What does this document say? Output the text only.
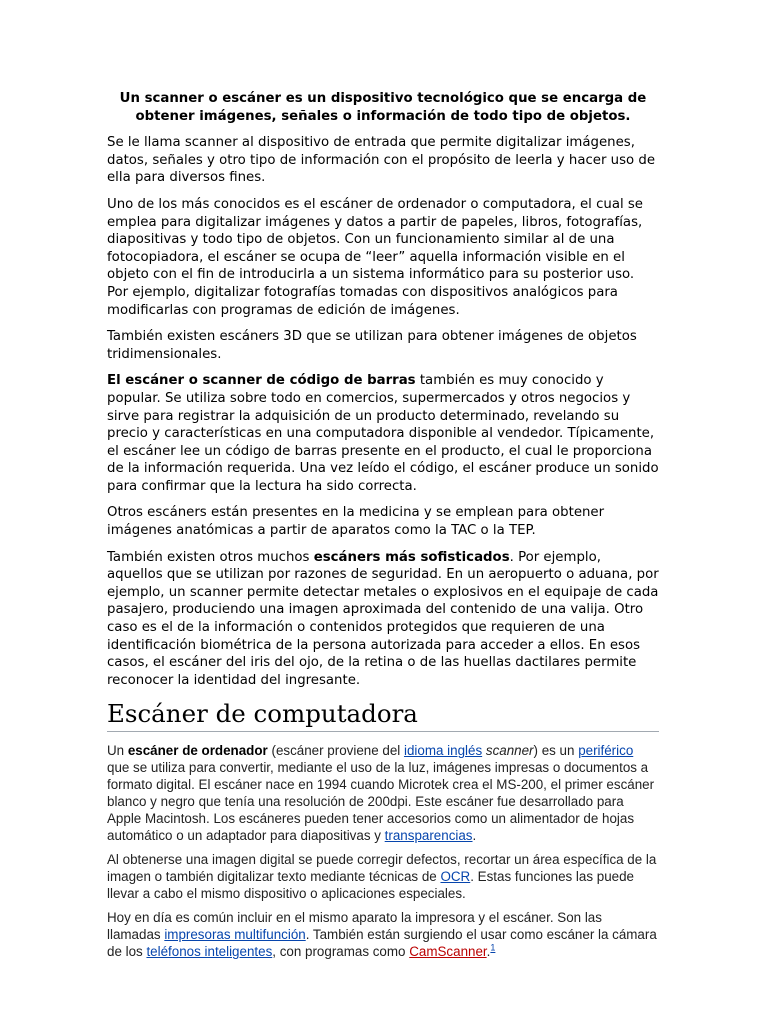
Un scanner o escáner es un dispositivo tecnológico que se encarga de obtener imágenes, señales o información de todo tipo de objetos.

Se le llama scanner al dispositivo de entrada que permite digitalizar imágenes, datos, señales y otro tipo de información con el propósito de leerla y hacer uso de ella para diversos fines.

Uno de los más conocidos es el escáner de ordenador o computadora, el cual se emplea para digitalizar imágenes y datos a partir de papeles, libros, fotografías, diapositivas y todo tipo de objetos. Con un funcionamiento similar al de una fotocopiadora, el escáner se ocupa de “leer” aquella información visible en el objeto con el fin de introducirla a un sistema informático para su posterior uso. Por ejemplo, digitalizar fotografías tomadas con dispositivos analógicos para modificarlas con programas de edición de imágenes.

También existen escáners 3D que se utilizan para obtener imágenes de objetos tridimensionales.

El escáner o scanner de código de barras también es muy conocido y popular. Se utiliza sobre todo en comercios, supermercados y otros negocios y sirve para registrar la adquisición de un producto determinado, revelando su precio y características en una computadora disponible al vendedor. Típicamente, el escáner lee un código de barras presente en el producto, el cual le proporciona de la información requerida. Una vez leído el código, el escáner produce un sonido para confirmar que la lectura ha sido correcta.

Otros escáners están presentes en la medicina y se emplean para obtener imágenes anatómicas a partir de aparatos como la TAC o la TEP.

También existen otros muchos escáners más sofisticados. Por ejemplo, aquellos que se utilizan por razones de seguridad. En un aeropuerto o aduana, por ejemplo, un scanner permite detectar metales o explosivos en el equipaje de cada pasajero, produciendo una imagen aproximada del contenido de una valija. Otro caso es el de la información o contenidos protegidos que requieren de una identificación biométrica de la persona autorizada para acceder a ellos. En esos casos, el escáner del iris del ojo, de la retina o de las huellas dactilares permite reconocer la identidad del ingresante.

Escáner de computadora

Un escáner de ordenador (escáner proviene del idioma inglés scanner) es un periférico que se utiliza para convertir, mediante el uso de la luz, imágenes impresas o documentos a formato digital. El escáner nace en 1994 cuando Microtek crea el MS-200, el primer escáner blanco y negro que tenía una resolución de 200dpi. Este escáner fue desarrollado para Apple Macintosh. Los escáneres pueden tener accesorios como un alimentador de hojas automático o un adaptador para diapositivas y transparencias.

Al obtenerse una imagen digital se puede corregir defectos, recortar un área específica de la imagen o también digitalizar texto mediante técnicas de OCR. Estas funciones las puede llevar a cabo el mismo dispositivo o aplicaciones especiales.

Hoy en día es común incluir en el mismo aparato la impresora y el escáner. Son las llamadas impresoras multifunción. También están surgiendo el usar como escáner la cámara de los teléfonos inteligentes, con programas como CamScanner.$^1$
